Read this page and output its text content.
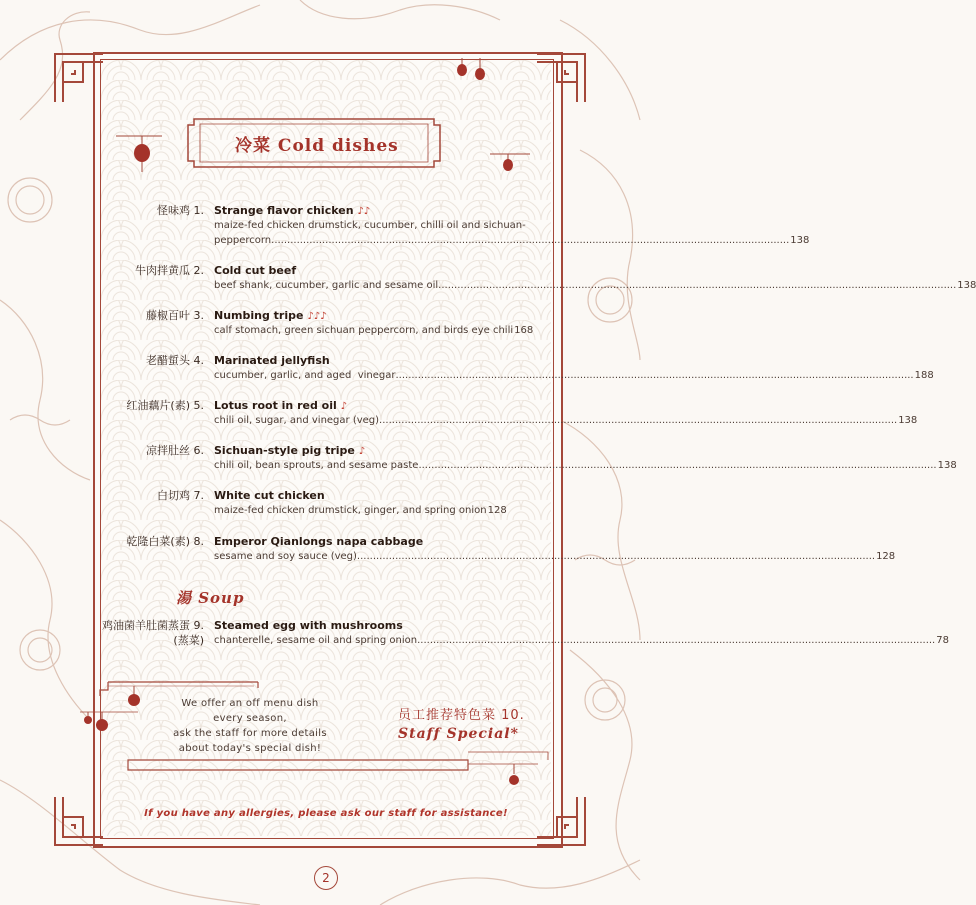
冷菜 Cold dishes
怪味鸡 1. Strange flavor chicken ♪♪
maize-fed chicken drumstick, cucumber, chilli oil and sichuan-
peppercorn .....	138
牛肉拌黄瓜 2. Cold cut beef
beef shank, cucumber, garlic and sesame oil .....	138
藤椒百叶 3. Numbing tripe ♪♪♪
calf stomach, green sichuan peppercorn, and birds eye chili 168
老醋蜇头 4. Marinated jellyfish
cucumber, garlic, and aged  vinegar .....	188
红油藕片(素) 5. Lotus root in red oil ♪
chili oil, sugar, and vinegar (veg) .....	138
凉拌肚丝 6. Sichuan-style pig tripe ♪
chili oil, bean sprouts, and sesame paste .....	138
白切鸡 7. White cut chicken
maize-fed chicken drumstick, ginger, and spring onion 128
乾隆白菜(素) 8. Emperor Qianlongs napa cabbage
sesame and soy sauce (veg) .....	128
湯 Soup
鸡油菌羊肚菌蒸蛋 9.
(蒸菜)
Steamed egg with mushrooms
chanterelle, sesame oil and spring onion .....	78
We offer an off menu dish
every season,
ask the staff for more details
about today's special dish!
员工推荐特色菜 10.
Staff Special*
If you have any allergies, please ask our staff for assistance!
2
